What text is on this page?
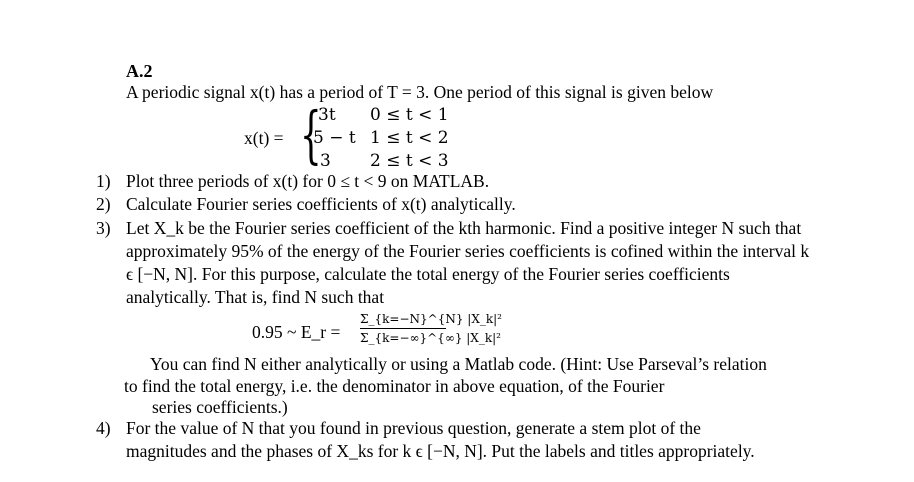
A.2
A periodic signal x(t) has a period of T = 3. One period of this signal is given below
x(t) = {
3t 0 ≤ t < 1
5 − t 1 ≤ t < 2
3 2 ≤ t < 3
1) Plot three periods of x(t) for 0 ≤ t < 9 on MATLAB.
2) Calculate Fourier series coefficients of x(t) analytically.
3) Let X_k be the Fourier series coefficient of the kth harmonic. Find a positive integer N such that
approximately 95% of the energy of the Fourier series coefficients is cofined within the interval k
ϵ [−N, N]. For this purpose, calculate the total energy of the Fourier series coefficients
analytically. That is, find N such that
0.95 ~ E_r =
Σ_{k=−N}^{N} |X_k|²
Σ_{k=−∞}^{∞} |X_k|²
You can find N either analytically or using a Matlab code. (Hint: Use Parseval’s relation
to find the total energy, i.e. the denominator in above equation, of the Fourier
series coefficients.)
4) For the value of N that you found in previous question, generate a stem plot of the
magnitudes and the phases of X_ks for k ϵ [−N, N]. Put the labels and titles appropriately.
